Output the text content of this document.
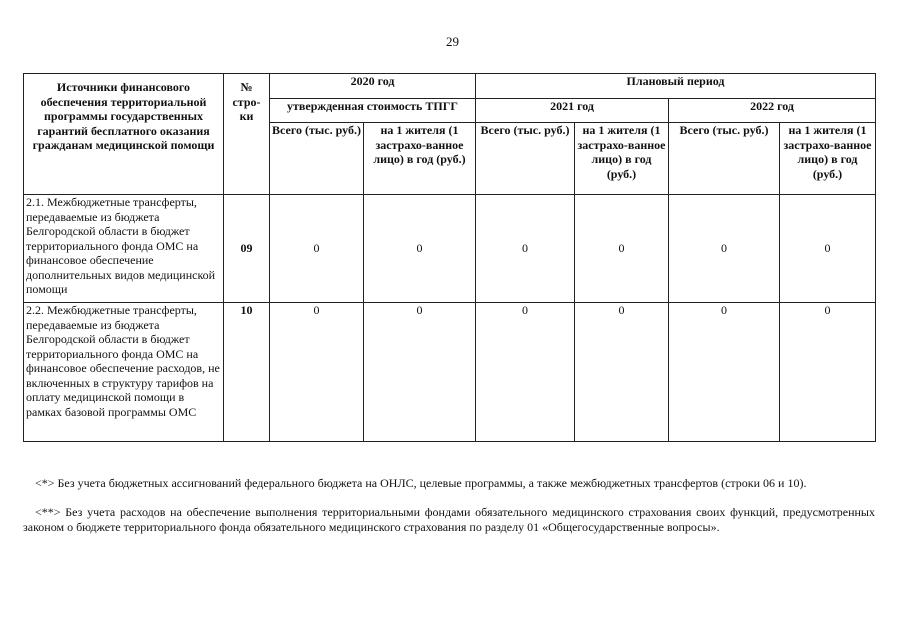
29
Источники финансового обеспечения территориальной программы государственных гарантий бесплатного оказания гражданам медицинской помощи	№ стро-ки	2020 год		Плановый период			
		утвержденная стоимость ТПГГ		2021 год		2022 год	
		Всего (тыс. руб.)	на 1 жителя (1 застрахо-ванное лицо) в год (руб.)	Всего (тыс. руб.)	на 1 жителя (1 застрахо-ванное лицо) в год (руб.)	Всего (тыс. руб.)	на 1 жителя (1 застрахо-ванное лицо) в год (руб.)
2.1. Межбюджетные трансферты, передаваемые из бюджета Белгородской области в бюджет территориального фонда ОМС на финансовое обеспечение дополнительных видов медицинской помощи	09	0	0	0	0	0	0
2.2. Межбюджетные трансферты, передаваемые из бюджета Белгородской области в бюджет территориального фонда ОМС на финансовое обеспечение расходов, не включенных в структуру тарифов на оплату медицинской помощи в рамках базовой программы ОМС	10	0	0	0	0	0	0
<*> Без учета бюджетных ассигнований федерального бюджета на ОНЛС, целевые программы, а также межбюджетных трансфертов (строки 06 и 10).
<**> Без учета расходов на обеспечение выполнения территориальными фондами обязательного медицинского страхования своих функций, предусмотренных законом о бюджете территориального фонда обязательного медицинского страхования по разделу 01 «Общегосударственные вопросы».
